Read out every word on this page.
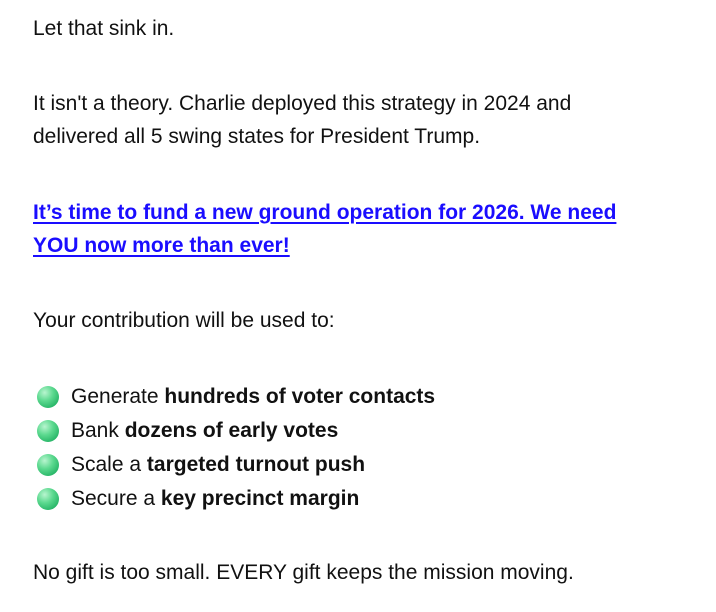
Let that sink in.

It isn't a theory. Charlie deployed this strategy in 2024 and
delivered all 5 swing states for President Trump.

It’s time to fund a new ground operation for 2026. We need
YOU now more than ever!

Your contribution will be used to:

Generate
hundreds of voter contacts
Bank
dozens of early votes
Scale a
targeted turnout push
Secure a
key precinct margin

No gift is too small. EVERY gift keeps the mission moving.
